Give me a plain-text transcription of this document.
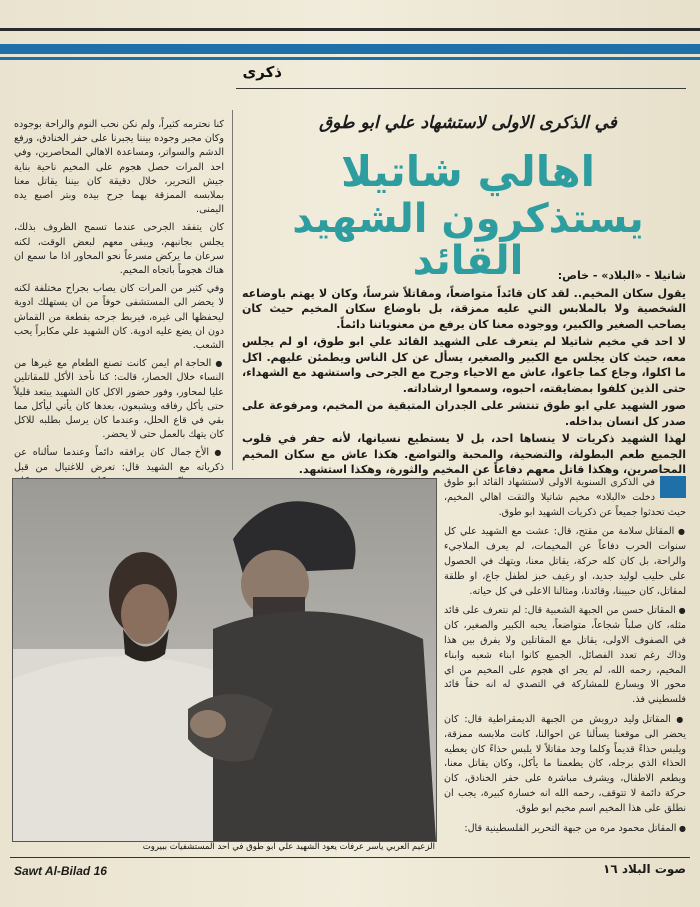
ذكرى
في الذكرى الاولى لاستشهاد علي ابو طوق
اهالي شاتيلا
يستذكرون الشهيد القائد	شاتيلا - «البلاد» - خاص:

يقول سكان المخيم.. لقد كان قائداً متواضعاً، ومقاتلاً شرساً، وكان لا يهتم باوضاعه الشخصية ولا بالملابس التي عليه ممزقة، بل باوضاع سكان المخيم حيث كان يصاحب الصغير والكبير، ووجوده معنا كان يرفع من معنوياتنا دائماً.

لا احد في مخيم شاتيلا لم يتعرف على الشهيد القائد علي ابو طوق، او لم يجلس معه، حيث كان يجلس مع الكبير والصغير، يسأل عن كل الناس ويطمئن عليهم. اكل ما اكلوا، وجاع كما جاعوا، عاش مع الاحياء وجرح مع الجرحى واستشهد مع الشهداء، حتى الذين كلفوا بمضايقته، احبوه، وسمعوا ارشاداته.

صور الشهيد علي ابو طوق تنتشر على الجدران المتبقية من المخيم، ومرفوعة على صدر كل انسان بداخله.

لهذا الشهيد ذكريات لا ينساها احد، بل لا يستطيع نسيانها، لأنه حفر في قلوب الجميع طعم البطولة، والتضحية، والمحبة والتواضع. هكذا عاش مع سكان المخيم المحاصرين، وهكذا قاتل معهم دفاعاً عن المخيم والثورة، وهكذا استشهد.

كنا نحترمه كثيراً، ولم نكن نحب النوم والراحة بوجوده وكان مجبر وجوده بيننا يجبرنا على حفر الخنادق، ورفع الدشم والسواتر، ومساعدة الاهالي المحاصرين، وفي احد المرات حصل هجوم على المخيم ناحية بناية جيش التحرير، خلال دقيقة كان بيننا يقاتل معنا بملابسه الممزقة بهما جرح بيده وبتر اصبع يده اليمنى.

كان يتفقد الجرحى عندما تسمح الظروف بذلك، يجلس بجانبهم، ويبقى معهم لبعض الوقت، لكنه سرعان ما يركض مسرعاً نحو المحاور اذا ما سمع ان هناك هجوماً باتجاه المخيم.

وفي كثير من المرات كان يصاب بجراح مختلفة لكنه لا يحضر الى المستشفى خوفاً من ان يستهلك ادوية ليحفظها الى غيره، فيربط جرحه بقطعة من القماش دون ان يضع عليه ادوية. كان الشهيد علي مكابراً يحب الشعب.

● الحاجة ام ايمن كانت تصنع الطعام مع غيرها من النساء خلال الحصار، قالت: كنا نأخذ الأكل للمقاتلين عليا لمحاور، وفور حضور الاكل كان الشهيد يبتعد قليلاً حتى يأكل رفاقه ويشبعون، بعدها كان يأتي ليأكل مما بقي في قاع الحلل، وعندما كان يرسل بطلبه للاكل كان يتهك بالعمل حتى لا يحضر.

● الأخ جمال كان يرافقه دائماً وعندما سألناه عن ذكرياته مع الشهيد قال: تعرض للاغتيال من قبل

الزعيم العربي ياسر عرفات يعود الشهيد علي ابو طوق في احد المستشفيات ببيروت

في الذكرى السنوية الاولى لاستشهاد القائد ابو طوق دخلت «البلاد» مخيم شاتيلا والتقت اهالي المخيم، حيث تحدثوا جميعاً عن ذكريات الشهيد ابو طوق.

● المقاتل سلامة من مقتح، قال: عشت مع الشهيد علي كل سنوات الحرب دفاعاً عن المخيمات، لم يعرف الملاجيء والراحة، بل كان كله حركة، يقاتل معنا، ويتهك في الحصول على حليب لوليد جديد، او رغيف خبز لطفل جاع، او طلقة لمقاتل، كان حبيبنا، وقائدنا، ومثالنا الاعلى في كل حياته.

● المقاتل حسن من الجبهة الشعبية قال: لم نتعرف على قائد مثله، كان صلباً شجاعاً، متواضعاً، يحبه الكبير والصغير، كان في الصفوف الاولى، يقاتل مع المقاتلين ولا يفرق بين هذا وذاك رغم تعدد الفصائل، الجميع كانوا ابناء شعبه وابناء المخيم، رحمه الله، لم يجر اي هجوم على المخيم من اي محور الا ويسارع للمشاركة في التصدي له انه حقاً قائد فلسطيني فذ.

● المقاتل وليد درويش من الجبهة الديمقراطية قال: كان يحضر الى موقعنا يسألنا عن احوالنا، كانت ملابسه ممزقة، ويلبس حذاءً قديماً وكلما وجد مقاتلاً لا يلبس حذاءً كان يعطيه الحذاء الذي برجله، كان يطعمنا ما يأكل، وكان يقاتل معنا، ويطعم الاطفال، ويشرف مباشرة على حفر الخنادق، كان حركة دائمة لا تتوقف، رحمه الله انه خسارة كبيرة، يجب ان نطلق على هذا المخيم اسم مخيم ابو طوق.

● المقاتل محمود مره من جبهة التحرير الفلسطينية قال:

Sawt Al-Bilad 16	صوت البلاد ١٦
